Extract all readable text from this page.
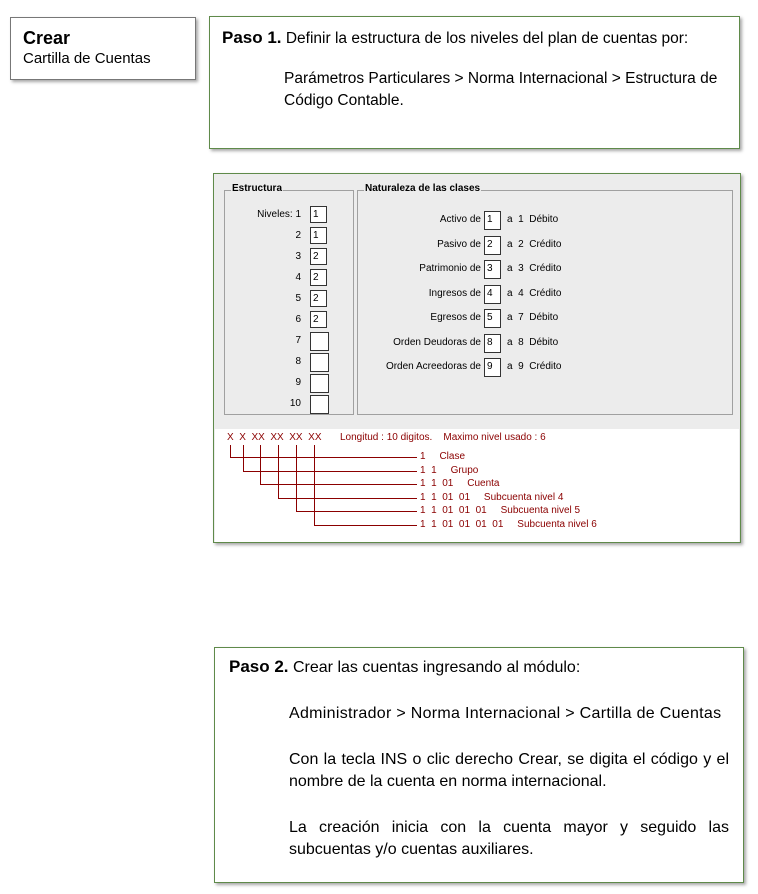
Crear
Cartilla de Cuentas
Paso 1. Definir la estructura de los niveles del plan de cuentas por:
Parámetros Particulares > Norma Internacional > Estructura de Código Contable.
Estructura	Naturaleza de las clases
X  X  XX  XX  XX  XX Longitud : 10 digitos.    Maximo nivel usado : 6
1     Clase
1  1     Grupo
1  1  01     Cuenta
1  1  01  01     Subcuenta nivel 4
1  1  01  01  01     Subcuenta nivel 5
1  1  01  01  01  01     Subcuenta nivel 6
Niveles: 1	1
2	1
3	2
4	2
5	2
6	2
7
8
9
10
Activo de 1	a  1  Débito
Pasivo de 2	a  2  Crédito
Patrimonio de 3	a  3  Crédito
Ingresos de 4	a  4  Crédito
Egresos de 5	a  7  Débito
Orden Deudoras de 8	a  8  Débito
Orden Acreedoras de 9	a  9  Crédito
Paso 2. Crear las cuentas ingresando al módulo:
Administrador > Norma Internacional > Cartilla de Cuentas
Con la tecla INS o clic derecho Crear, se digita el código y el nombre de la cuenta en norma internacional.
La creación inicia con la cuenta mayor y seguido las subcuentas y/o cuentas auxiliares.
